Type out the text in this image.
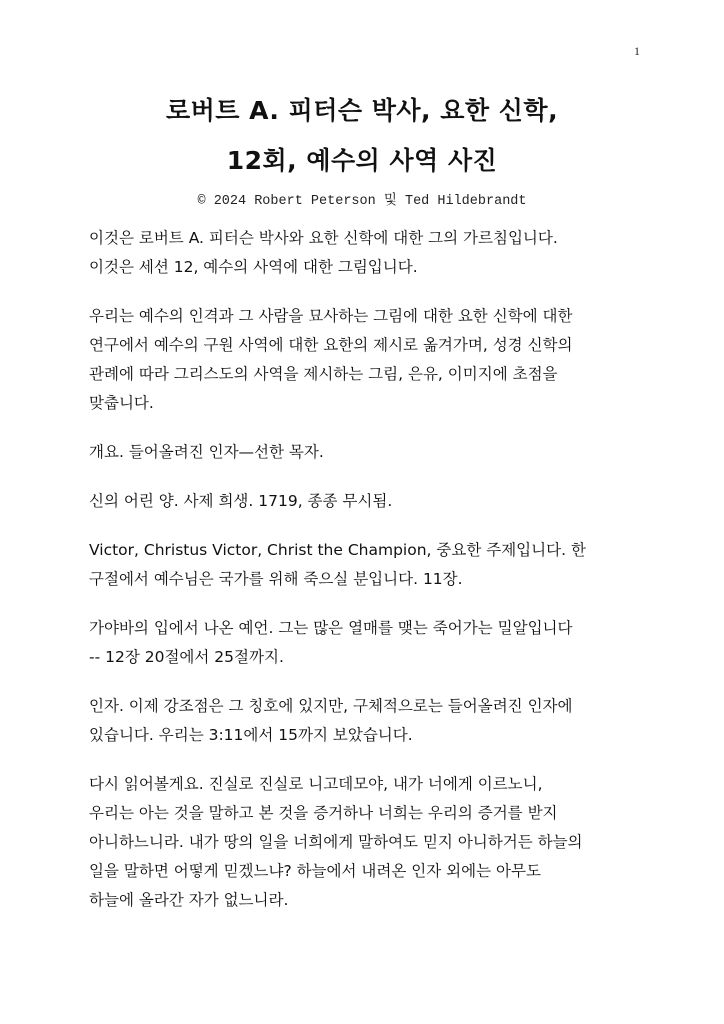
1
로버트 A. 피터슨 박사, 요한 신학,
12회, 예수의 사역 사진
© 2024 Robert Peterson 및 Ted Hildebrandt

이것은 로버트 A. 피터슨 박사와 요한 신학에 대한 그의 가르침입니다.
이것은 세션 12, 예수의 사역에 대한 그림입니다.

우리는 예수의 인격과 그 사람을 묘사하는 그림에 대한 요한 신학에 대한
연구에서 예수의 구원 사역에 대한 요한의 제시로 옮겨가며, 성경 신학의
관례에 따라 그리스도의 사역을 제시하는 그림, 은유, 이미지에 초점을
맞춥니다.

개요. 들어올려진 인자—선한 목자.

신의 어린 양. 사제 희생. 1719, 종종 무시됨.

Victor, Christus Victor, Christ the Champion, 중요한 주제입니다. 한
구절에서 예수님은 국가를 위해 죽으실 분입니다. 11장.

가야바의 입에서 나온 예언. 그는 많은 열매를 맺는 죽어가는 밀알입니다
-- 12장 20절에서 25절까지.

인자. 이제 강조점은 그 칭호에 있지만, 구체적으로는 들어올려진 인자에
있습니다. 우리는 3:11에서 15까지 보았습니다.

다시 읽어볼게요. 진실로 진실로 니고데모야, 내가 너에게 이르노니,
우리는 아는 것을 말하고 본 것을 증거하나 너희는 우리의 증거를 받지
아니하느니라. 내가 땅의 일을 너희에게 말하여도 믿지 아니하거든 하늘의
일을 말하면 어떻게 믿겠느냐? 하늘에서 내려온 인자 외에는 아무도
하늘에 올라간 자가 없느니라.
